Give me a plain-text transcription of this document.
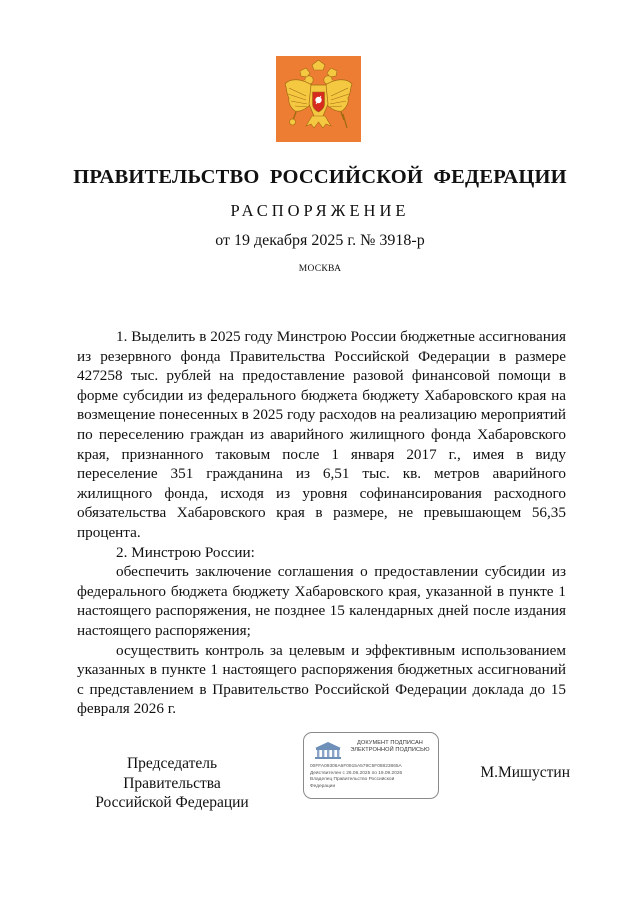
ПРАВИТЕЛЬСТВО РОССИЙСКОЙ ФЕДЕРАЦИИ
РАСПОРЯЖЕНИЕ
от 19 декабря 2025 г. № 3918-р
МОСКВА

1. Выделить в 2025 году Минстрою России бюджетные ассигнования из резервного фонда Правительства Российской Федерации в размере 427258 тыс. рублей на предоставление разовой финансовой помощи в форме субсидии из федерального бюджета бюджету Хабаровского края на возмещение понесенных в 2025 году расходов на реализацию мероприятий по переселению граждан из аварийного жилищного фонда Хабаровского края, признанного таковым после 1 января 2017 г., имея в виду переселение 351 гражданина из 6,51 тыс. кв. метров аварийного жилищного фонда, исходя из уровня софинансирования расходного обязательства Хабаровского края в размере, не превышающем 56,35 процента.

2. Минстрою России:

обеспечить заключение соглашения о предоставлении субсидии из федерального бюджета бюджету Хабаровского края, указанной в пункте 1 настоящего распоряжения, не позднее 15 календарных дней после издания настоящего распоряжения;

осуществить контроль за целевым и эффективным использованием указанных в пункте 1 настоящего распоряжения бюджетных ассигнований с представлением в Правительство Российской Федерации доклада до 15 февраля 2026 г.

Председатель Правительства
Российской Федерации
ДОКУМЕНТ ПОДПИСАН
ЭЛЕКТРОННОЙ ПОДПИСЬЮ
00FFA09306A6F0915A579C5F08823865A
Действителен с 26.06.2025 по 19.09.2026
Владелец Правительство Российской
Федерации
М.Мишустин
